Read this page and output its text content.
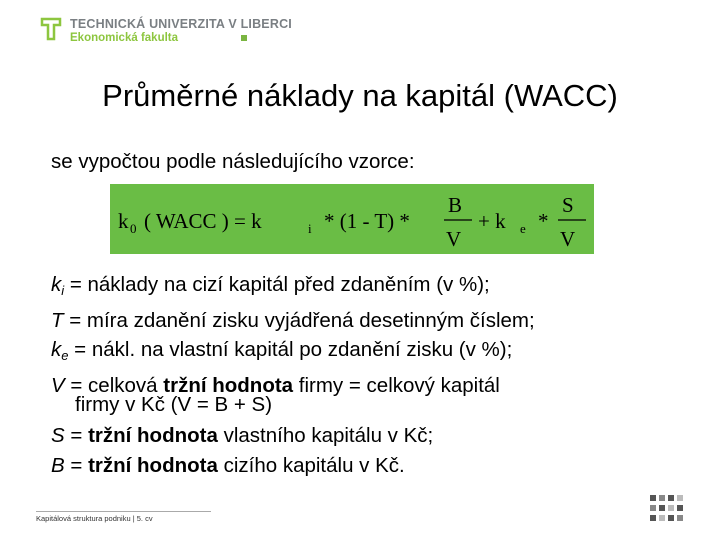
TECHNICKÁ UNIVERZITA V LIBERCI
Ekonomická fakulta
Průměrné náklady na kapitál (WACC)
se vypočtou podle následujícího vzorce:
k 0 ( WACC ) = k	i * (1 - T) *
B
V
+ k e *
S
V
$k_i$ = náklady na cizí kapitál před zdaněním (v %);
T = míra zdanění zisku vyjádřená desetinným číslem;
$k_e$ = nákl. na vlastní kapitál po zdanění zisku (v %);
V = celková tržní hodnota firmy = celkový kapitál
firmy v Kč (V = B + S)
S = tržní hodnota vlastního kapitálu v Kč;
B = tržní hodnota cizího kapitálu v Kč.
Kapitálová struktura podniku | 5. cv
